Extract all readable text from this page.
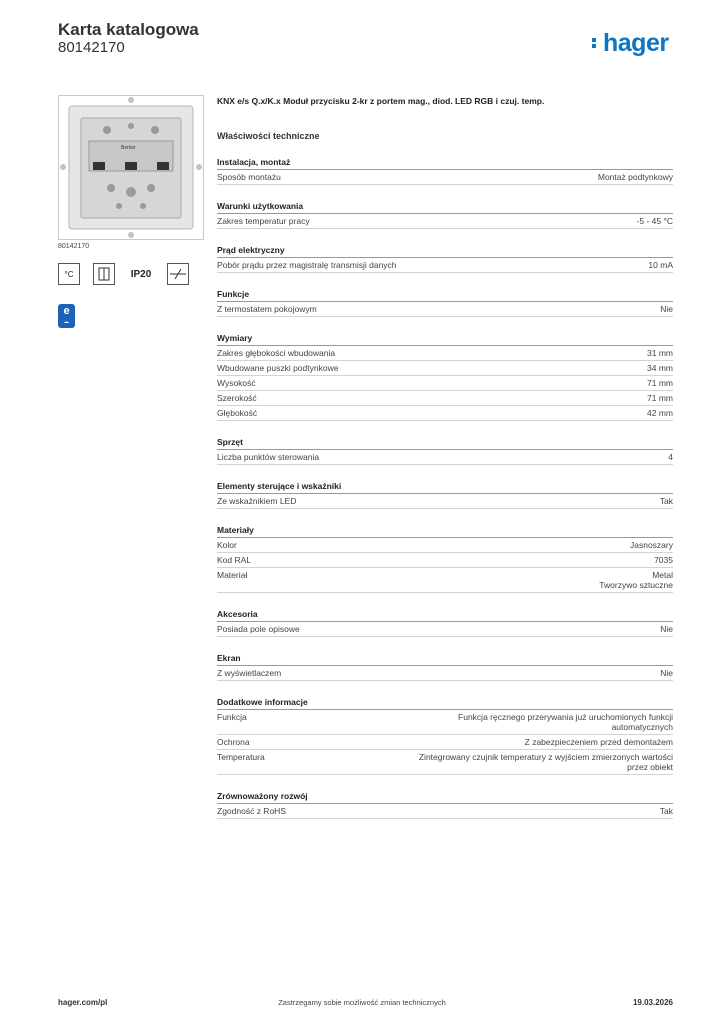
Karta katalogowa
80142170	hager
Berker
80142170
°C	IP20
e
▬
KNX e/s Q.x/K.x Moduł przycisku 2-kr z portem mag., diod. LED RGB i czuj. temp.
Właściwości techniczne
Instalacja, montaż
Sposób montażu	Montaż podtynkowy
Warunki użytkowania
Zakres temperatur pracy	-5 - 45 °C
Prąd elektryczny
Pobór prądu przez magistralę transmisji danych	10 mA
Funkcje
Z termostatem pokojowym	Nie
Wymiary
Zakres głębokości wbudowania	31 mm
Wbudowane puszki podtynkowe	34 mm
Wysokość	71 mm
Szerokość	71 mm
Głębokość	42 mm
Sprzęt
Liczba punktów sterowania	4
Elementy sterujące i wskaźniki
Ze wskaźnikiem LED	Tak
Materiały
Kolor	Jasnoszary
Kod RAL	7035
Materiał	Metal
Tworzywo sztuczne
Akcesoria
Posiada pole opisowe	Nie
Ekran
Z wyświetlaczem	Nie
Dodatkowe informacje
Funkcja	Funkcja ręcznego przerywania już uruchomionych funkcji automatycznych
Ochrona	Z zabezpieczeniem przed demontażem
Temperatura	Zintegrowany czujnik temperatury z wyjściem zmierzonych wartości przez obiekt
Zrównoważony rozwój
Zgodność z RoHS	Tak
hager.com/pl	Zastrzegamy sobie możliwość zmian technicznych	19.03.2026
